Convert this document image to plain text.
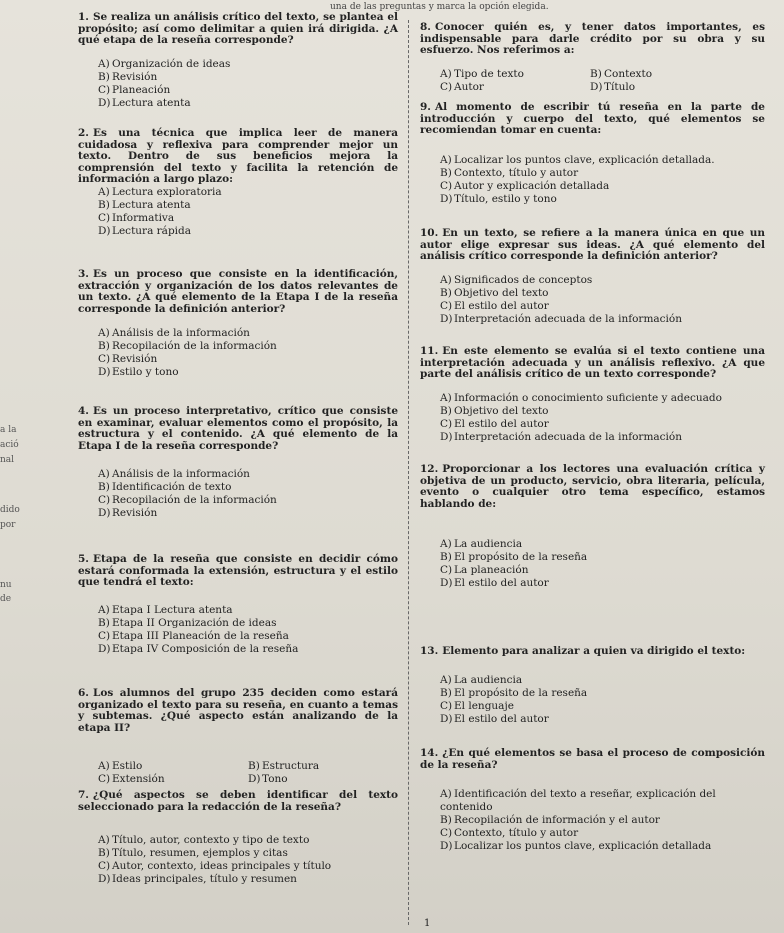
una de las preguntas y marca la opción elegida.
a la
ació
nal
dido
por
nu
de

1. Se realiza un análisis crítico del texto, se plantea el propósito; así como delimitar a quien irá dirigida. ¿A qué etapa de la reseña corresponde?

A) Organización de ideas
B) Revisión
C) Planeación
D)Lectura atenta

2. Es una técnica que implica leer de manera cuidadosa y reflexiva para comprender mejor un texto. Dentro de sus beneficios mejora la comprensión del texto y facilita la retención de información a largo plazo:

A) Lectura exploratoria
B) Lectura atenta
C) Informativa
D)Lectura rápida

3. Es un proceso que consiste en la identificación, extracción y organización de los datos relevantes de un texto. ¿A qué elemento de la Etapa I de la reseña corresponde la definición anterior?

A) Análisis de la información
B) Recopilación de la información
C) Revisión
D)Estilo y tono

4. Es un proceso interpretativo, crítico que consiste en examinar, evaluar elementos como el propósito, la estructura y el contenido. ¿A qué elemento de la Etapa I de la reseña corresponde?

A) Análisis de la información
B) Identificación de texto
C) Recopilación de la información
D)Revisión

5. Etapa de la reseña que consiste en decidir cómo estará conformada la extensión, estructura y el estilo que tendrá el texto:

A) Etapa I Lectura atenta
B) Etapa II Organización de ideas
C) Etapa III Planeación de la reseña
D)Etapa IV Composición de la reseña

6. Los alumnos del grupo 235 deciden como estará organizado el texto para su reseña, en cuanto a temas y subtemas. ¿Qué aspecto están analizando de la etapa II?

A) Estilo	B) Estructura
C) Extensión	D)Tono

7. ¿Qué aspectos se deben identificar del texto seleccionado para la redacción de la reseña?

A) Título, autor, contexto y tipo de texto
B) Título, resumen, ejemplos y citas
C) Autor, contexto, ideas principales y título
D)Ideas principales, título y resumen

8. Conocer quién es, y tener datos importantes, es indispensable para darle crédito por su obra y su esfuerzo. Nos referimos a:

A) Tipo de texto	B) Contexto
C) Autor	D)Título

9. Al momento de escribir tú reseña en la parte de introducción y cuerpo del texto, qué elementos se recomiendan tomar en cuenta:

A) Localizar los puntos clave, explicación detallada.
B) Contexto, título y autor
C) Autor y explicación detallada
D)Título, estilo y tono

10. En un texto, se refiere a la manera única en que un autor elige expresar sus ideas. ¿A qué elemento del análisis crítico corresponde la definición anterior?

A) Significados de conceptos
B) Objetivo del texto
C) El estilo del autor
D)Interpretación adecuada de la información

11. En este elemento se evalúa si el texto contiene una interpretación adecuada y un análisis reflexivo. ¿A que parte del análisis crítico de un texto corresponde?

A) Información o conocimiento suficiente y adecuado
B) Objetivo del texto
C) El estilo del autor
D)Interpretación adecuada de la información

12. Proporcionar a los lectores una evaluación crítica y objetiva de un producto, servicio, obra literaria, película, evento o cualquier otro tema específico, estamos hablando de:

A) La audiencia
B) El propósito de la reseña
C) La planeación
D)El estilo del autor

13. Elemento para analizar a quien va dirigido el texto:

A) La audiencia
B) El propósito de la reseña
C) El lenguaje
D)El estilo del autor

14. ¿En qué elementos se basa el proceso de composición de la reseña?

A) Identificación del texto a reseñar, explicación del contenido
B) Recopilación de información y el autor
C) Contexto, título y autor
D)Localizar los puntos clave, explicación detallada
1
